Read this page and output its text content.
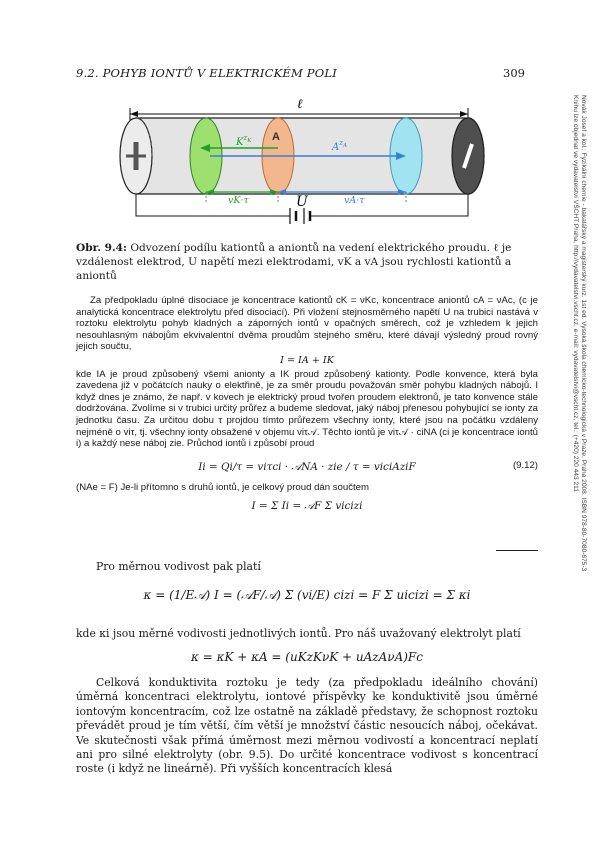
9.2. POHYB IONTŮ V ELEKTRICKÉM POLI	309
Novák Josef a kol.: Fyzikální chemie - bakalářský a magisterský kurz. 1st ed. Vysoká škola chemicko-technologická v Praze, Praha 2008. ISBN 978-80-7080-675-3
Knihu lze objednat ve vydavatelství VŠCHT Praha, http://vydavatelstvi.vscht.cz, e-mail: vydavatelstvi@vscht.cz, tel.: (+420) 220 443 211
ℓ
$K^z_K$
$A^z_A$
A
vK·τ	vA·τ
U
Obr. 9.4: Odvození podílu kationtů a aniontů na vedení elektrického proudu. ℓ je vzdálenost elektrod, U napětí mezi elektrodami, vK a vA jsou rychlosti kationtů a aniontů
Za předpokladu úplné disociace je koncentrace kationtů cK = νKc, koncentrace aniontů cA = νAc, (c je analytická koncentrace elektrolytu před disociací). Při vložení stejnosměrného napětí U na trubici nastává v roztoku elektrolytu pohyb kladných a záporných iontů v opačných směrech, což je vzhledem k jejich nesouhlasným nábojům ekvivalentní dvěma proudům stejného směru, které dávají výsledný proud rovný jejich součtu,
I = IA + IK
kde IA je proud způsobený všemi anionty a IK proud způsobený kationty. Podle konvence, která byla zavedena již v počátcích nauky o elektřině, je za směr proudu považován směr pohybu kladných nábojů. I když dnes je známo, že např. v kovech je elektrický proud tvořen proudem elektronů, je tato konvence stále dodržována. Zvolíme si v trubici určitý průřez a budeme sledovat, jaký náboj přenesou pohybující se ionty za jednotku času. Za určitou dobu τ projdou tímto průřezem všechny ionty, které jsou na počátku vzdáleny nejméně o viτ, tj. všechny ionty obsažené v objemu viτ𝒜. Těchto iontů je viτ𝒜 · ciNA (ci je koncentrace iontů i) a každý nese náboj zie. Průchod iontů i způsobí proud
Ii = Qi/τ = viτci · 𝒜NA · zie / τ = viciAziF	(9.12)
(NAe = F) Je-li přítomno s druhů iontů, je celkový proud dán součtem
I = Σ Ii = 𝒜F Σ vicizi
Pro měrnou vodivost pak platí
κ = (1/E𝒜) I = (𝒜F/𝒜) Σ (vi/E) cizi = F Σ uicizi = Σ κi
kde κi jsou měrné vodivosti jednotlivých iontů. Pro náš uvažovaný elektrolyt platí
κ = κK + κA = (uKzKνK + uAzAνA)Fc
Celková konduktivita roztoku je tedy (za předpokladu ideálního chování) úměrná koncentraci elektrolytu, iontové příspěvky ke konduktivitě jsou úměrné iontovým koncentracím, což lze ostatně na základě představy, že schopnost roztoku převádět proud je tím větší, čím větší je množství částic nesoucích náboj, očekávat. Ve skutečnosti však přímá úměrnost mezi měrnou vodivostí a koncentrací neplatí ani pro silné elektrolyty (obr. 9.5). Do určité koncentrace vodivost s koncentrací roste (i když ne lineárně). Při vyšších koncentracích klesá
